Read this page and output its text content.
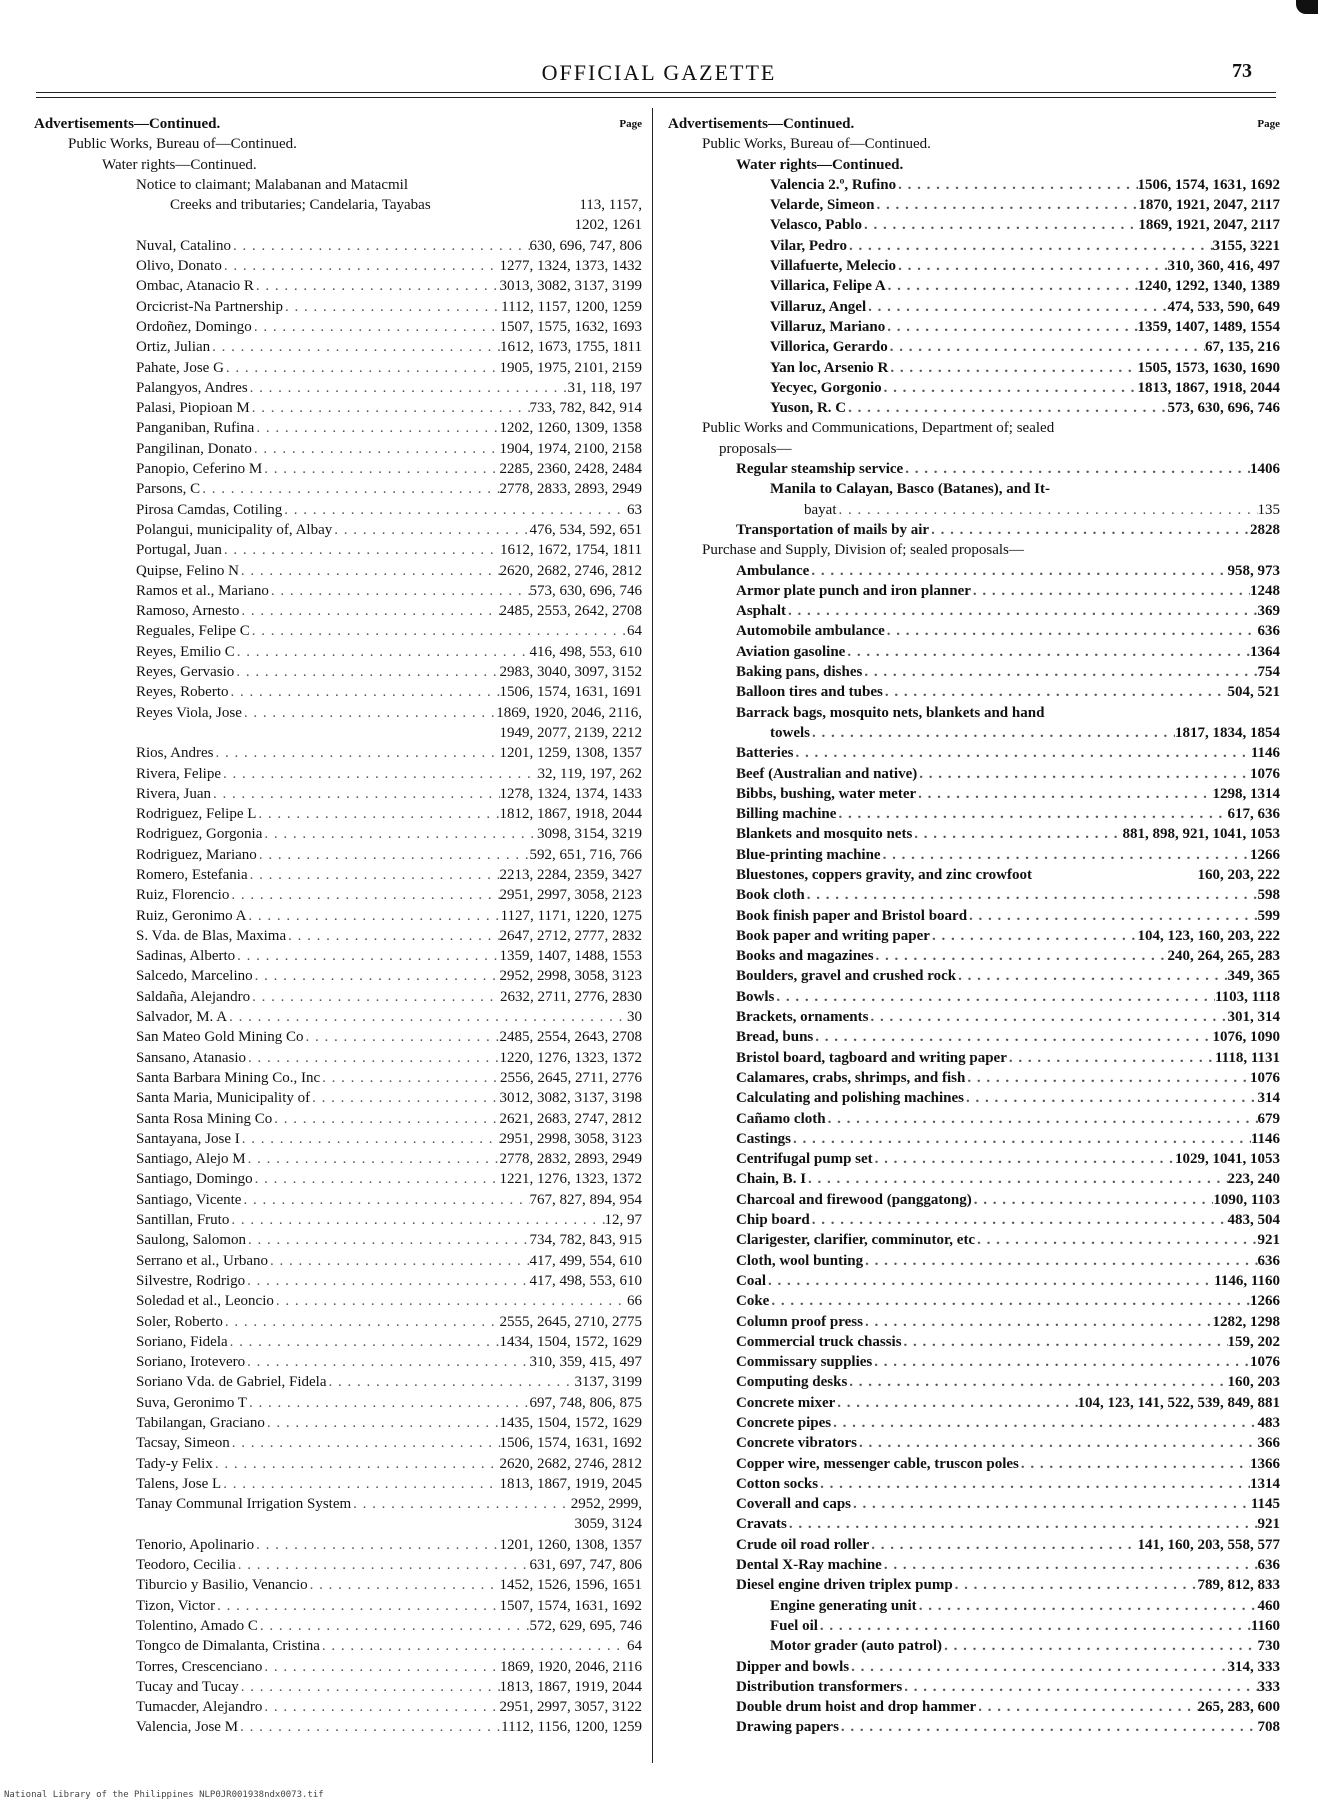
OFFICIAL GAZETTE	73
Advertisements—Continued.	Page
Public Works, Bureau of—Continued.
Water rights—Continued.
Notice to claimant; Malabanan and Matacmil
Creeks and tributaries; Candelaria, Tayabas	113, 1157,
1202, 1261
Nuval, Catalino . . .	630, 696, 747, 806
Olivo, Donato . . .	1277, 1324, 1373, 1432
Ombac, Atanacio R . . .	3013, 3082, 3137, 3199
Orcicrist-Na Partnership . . .	1112, 1157, 1200, 1259
Ordoñez, Domingo . . .	1507, 1575, 1632, 1693
Ortiz, Julian . . .	1612, 1673, 1755, 1811
Pahate, Jose G . . .	1905, 1975, 2101, 2159
Palangyos, Andres . . .	31, 118, 197
Palasi, Piopioan M . . .	733, 782, 842, 914
Panganiban, Rufina . . .	1202, 1260, 1309, 1358
Pangilinan, Donato . . .	1904, 1974, 2100, 2158
Panopio, Ceferino M . . .	2285, 2360, 2428, 2484
Parsons, C . . .	2778, 2833, 2893, 2949
Pirosa Camdas, Cotiling . . .	63
Polangui, municipality of, Albay . . .	476, 534, 592, 651
Portugal, Juan . . .	1612, 1672, 1754, 1811
Quipse, Felino N . . .	2620, 2682, 2746, 2812
Ramos et al., Mariano . . .	573, 630, 696, 746
Ramoso, Arnesto . . .	2485, 2553, 2642, 2708
Reguales, Felipe C . . .	64
Reyes, Emilio C . . .	416, 498, 553, 610
Reyes, Gervasio . . .	2983, 3040, 3097, 3152
Reyes, Roberto . . .	1506, 1574, 1631, 1691
Reyes Viola, Jose . . .	1869, 1920, 2046, 2116,
1949, 2077, 2139, 2212
Rios, Andres . . .	1201, 1259, 1308, 1357
Rivera, Felipe . . .	32, 119, 197, 262
Rivera, Juan . . .	1278, 1324, 1374, 1433
Rodriguez, Felipe L . . .	1812, 1867, 1918, 2044
Rodriguez, Gorgonia . . .	3098, 3154, 3219
Rodriguez, Mariano . . .	592, 651, 716, 766
Romero, Estefania . . .	2213, 2284, 2359, 3427
Ruiz, Florencio . . .	2951, 2997, 3058, 2123
Ruiz, Geronimo A . . .	1127, 1171, 1220, 1275
S. Vda. de Blas, Maxima . . .	2647, 2712, 2777, 2832
Sadinas, Alberto . . .	1359, 1407, 1488, 1553
Salcedo, Marcelino . . .	2952, 2998, 3058, 3123
Saldaña, Alejandro . . .	2632, 2711, 2776, 2830
Salvador, M. A . . .	30
San Mateo Gold Mining Co . . .	2485, 2554, 2643, 2708
Sansano, Atanasio . . .	1220, 1276, 1323, 1372
Santa Barbara Mining Co., Inc . . .	2556, 2645, 2711, 2776
Santa Maria, Municipality of . . .	3012, 3082, 3137, 3198
Santa Rosa Mining Co . . .	2621, 2683, 2747, 2812
Santayana, Jose I . . .	2951, 2998, 3058, 3123
Santiago, Alejo M . . .	2778, 2832, 2893, 2949
Santiago, Domingo . . .	1221, 1276, 1323, 1372
Santiago, Vicente . . .	767, 827, 894, 954
Santillan, Fruto . . .	12, 97
Saulong, Salomon . . .	734, 782, 843, 915
Serrano et al., Urbano . . .	417, 499, 554, 610
Silvestre, Rodrigo . . .	417, 498, 553, 610
Soledad et al., Leoncio . . .	66
Soler, Roberto . . .	2555, 2645, 2710, 2775
Soriano, Fidela . . .	1434, 1504, 1572, 1629
Soriano, Irotevero . . .	310, 359, 415, 497
Soriano Vda. de Gabriel, Fidela . . .	3137, 3199
Suva, Geronimo T . . .	697, 748, 806, 875
Tabilangan, Graciano . . .	1435, 1504, 1572, 1629
Tacsay, Simeon . . .	1506, 1574, 1631, 1692
Tady-y Felix . . .	2620, 2682, 2746, 2812
Talens, Jose L . . .	1813, 1867, 1919, 2045
Tanay Communal Irrigation System . . .	2952, 2999,
3059, 3124
Tenorio, Apolinario . . .	1201, 1260, 1308, 1357
Teodoro, Cecilia . . .	631, 697, 747, 806
Tiburcio y Basilio, Venancio . . .	1452, 1526, 1596, 1651
Tizon, Victor . . .	1507, 1574, 1631, 1692
Tolentino, Amado C . . .	572, 629, 695, 746
Tongco de Dimalanta, Cristina . . .	64
Torres, Crescenciano . . .	1869, 1920, 2046, 2116
Tucay and Tucay . . .	1813, 1867, 1919, 2044
Tumacder, Alejandro . . .	2951, 2997, 3057, 3122
Valencia, Jose M . . .	1112, 1156, 1200, 1259
Advertisements—Continued.	Page
Public Works, Bureau of—Continued.
Water rights—Continued.
Valencia 2.º, Rufino . . .	1506, 1574, 1631, 1692
Velarde, Simeon . . .	1870, 1921, 2047, 2117
Velasco, Pablo . . .	1869, 1921, 2047, 2117
Vilar, Pedro . . .	3155, 3221
Villafuerte, Melecio . . .	310, 360, 416, 497
Villarica, Felipe A . . .	1240, 1292, 1340, 1389
Villaruz, Angel . . .	474, 533, 590, 649
Villaruz, Mariano . . .	1359, 1407, 1489, 1554
Villorica, Gerardo . . .	67, 135, 216
Yan loc, Arsenio R . . .	1505, 1573, 1630, 1690
Yecyec, Gorgonio . . .	1813, 1867, 1918, 2044
Yuson, R. C . . .	573, 630, 696, 746
Public Works and Communications, Department of; sealed
proposals—
Regular steamship service . . .	1406
Manila to Calayan, Basco (Batanes), and It-
bayat . . .	135
Transportation of mails by air . . .	2828
Purchase and Supply, Division of; sealed proposals—
Ambulance . . .	958, 973
Armor plate punch and iron planner . . .	1248
Asphalt . . .	369
Automobile ambulance . . .	636
Aviation gasoline . . .	1364
Baking pans, dishes . . .	754
Balloon tires and tubes . . .	504, 521
Barrack bags, mosquito nets, blankets and hand
towels . . .	1817, 1834, 1854
Batteries . . .	1146
Beef (Australian and native) . . .	1076
Bibbs, bushing, water meter . . .	1298, 1314
Billing machine . . .	617, 636
Blankets and mosquito nets . . .	881, 898, 921, 1041, 1053
Blue-printing machine . . .	1266
Bluestones, coppers gravity, and zinc crowfoot	160, 203, 222
Book cloth . . .	598
Book finish paper and Bristol board . . .	599
Book paper and writing paper . . .	104, 123, 160, 203, 222
Books and magazines . . .	240, 264, 265, 283
Boulders, gravel and crushed rock . . .	349, 365
Bowls . . .	1103, 1118
Brackets, ornaments . . .	301, 314
Bread, buns . . .	1076, 1090
Bristol board, tagboard and writing paper . . .	1118, 1131
Calamares, crabs, shrimps, and fish . . .	1076
Calculating and polishing machines . . .	314
Cañamo cloth . . .	679
Castings . . .	1146
Centrifugal pump set . . .	1029, 1041, 1053
Chain, B. I . . .	223, 240
Charcoal and firewood (panggatong) . . .	1090, 1103
Chip board . . .	483, 504
Clarigester, clarifier, comminutor, etc . . .	921
Cloth, wool bunting . . .	636
Coal . . .	1146, 1160
Coke . . .	1266
Column proof press . . .	1282, 1298
Commercial truck chassis . . .	159, 202
Commissary supplies . . .	1076
Computing desks . . .	160, 203
Concrete mixer . . .	104, 123, 141, 522, 539, 849, 881
Concrete pipes . . .	483
Concrete vibrators . . .	366
Copper wire, messenger cable, truscon poles . . .	1366
Cotton socks . . .	1314
Coverall and caps . . .	1145
Cravats . . .	921
Crude oil road roller . . .	141, 160, 203, 558, 577
Dental X-Ray machine . . .	636
Diesel engine driven triplex pump . . .	789, 812, 833
Engine generating unit . . .	460
Fuel oil . . .	1160
Motor grader (auto patrol) . . .	730
Dipper and bowls . . .	314, 333
Distribution transformers . . .	333
Double drum hoist and drop hammer . . .	265, 283, 600
Drawing papers . . .	708
National Library of the Philippines NLP0JR001938ndx0073.tif
